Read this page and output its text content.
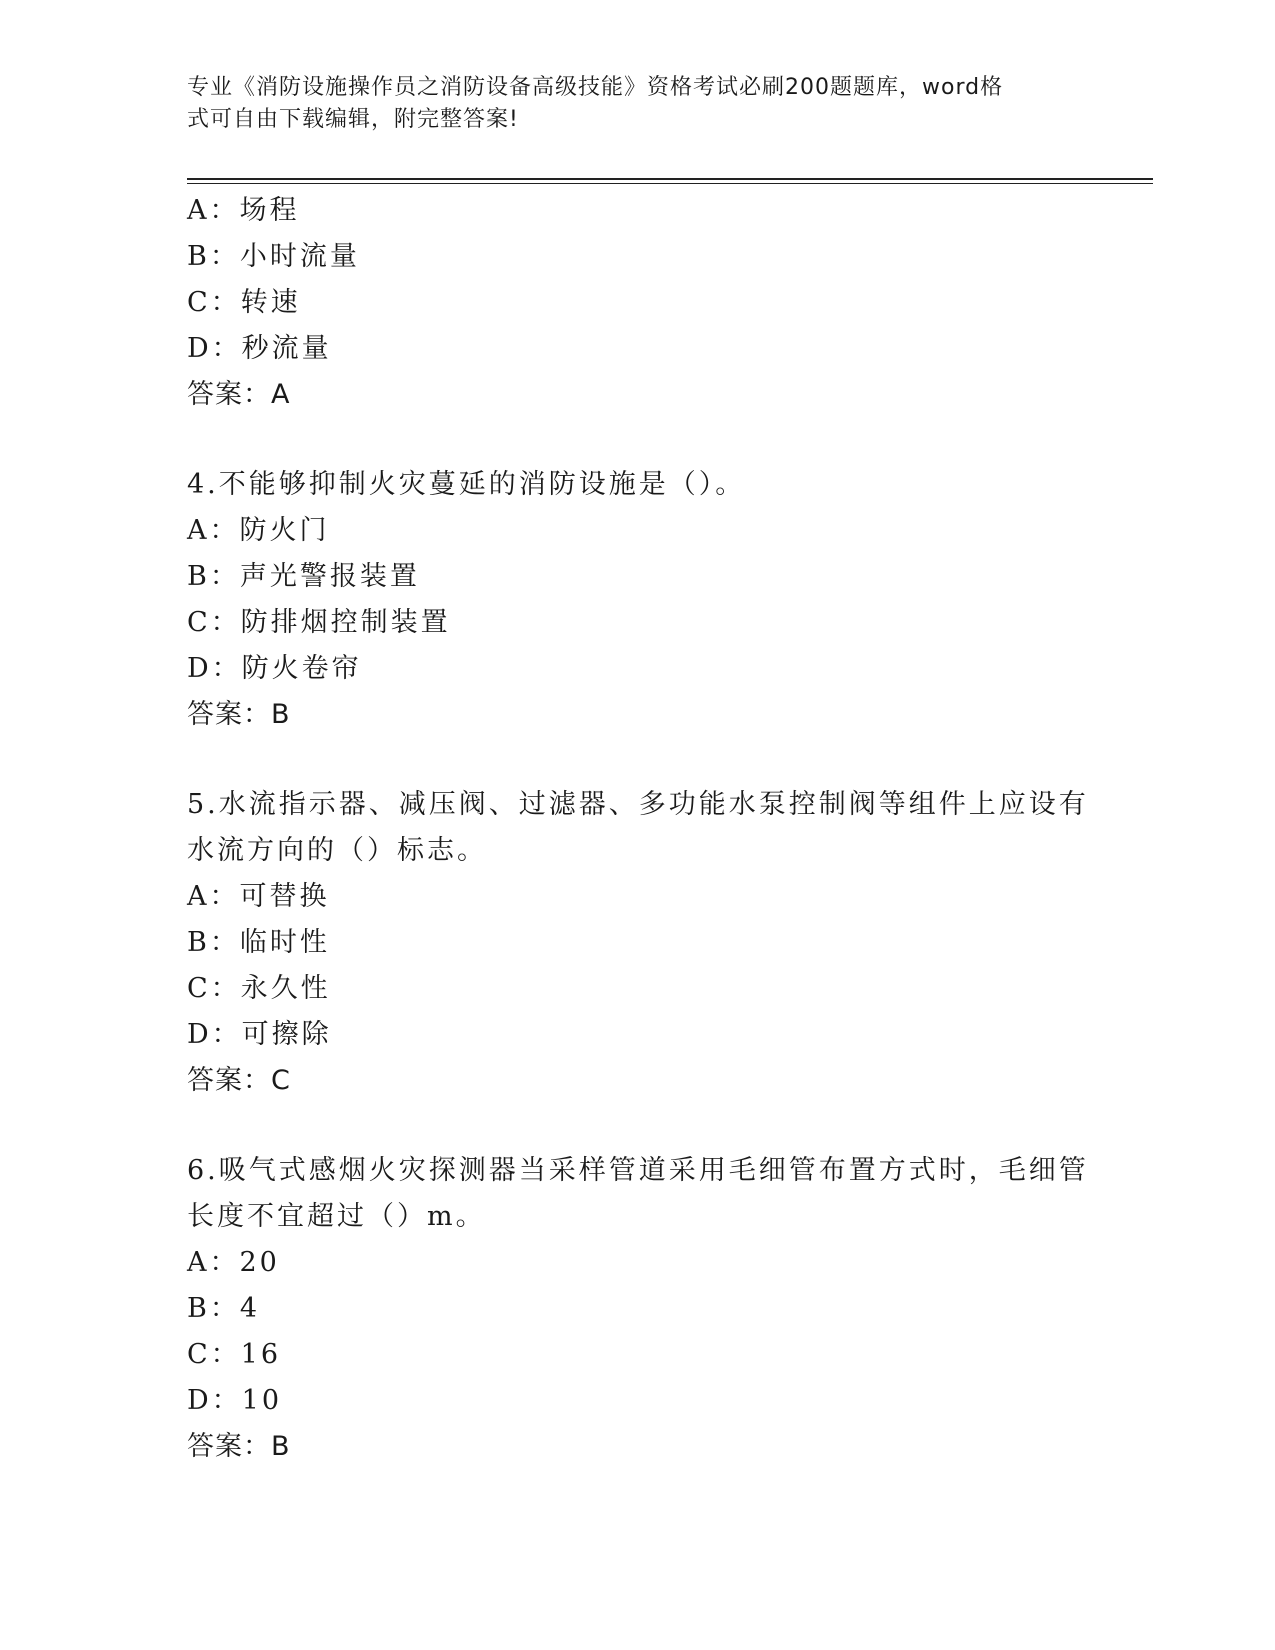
专业《消防设施操作员之消防设备高级技能》资格考试必刷200题题库，word格
式可自由下载编辑，附完整答案!
A：场程
B：小时流量
C：转速
D：秒流量
答案：A
4.不能够抑制火灾蔓延的消防设施是（）。
A：防火门
B：声光警报装置
C：防排烟控制装置
D：防火卷帘
答案：B
5.水流指示器、减压阀、过滤器、多功能水泵控制阀等组件上应设有
水流方向的（）标志。
A：可替换
B：临时性
C：永久性
D：可擦除
答案：C
6.吸气式感烟火灾探测器当采样管道采用毛细管布置方式时，毛细管
长度不宜超过（）m。
A：20
B：4
C：16
D：10
答案：B
